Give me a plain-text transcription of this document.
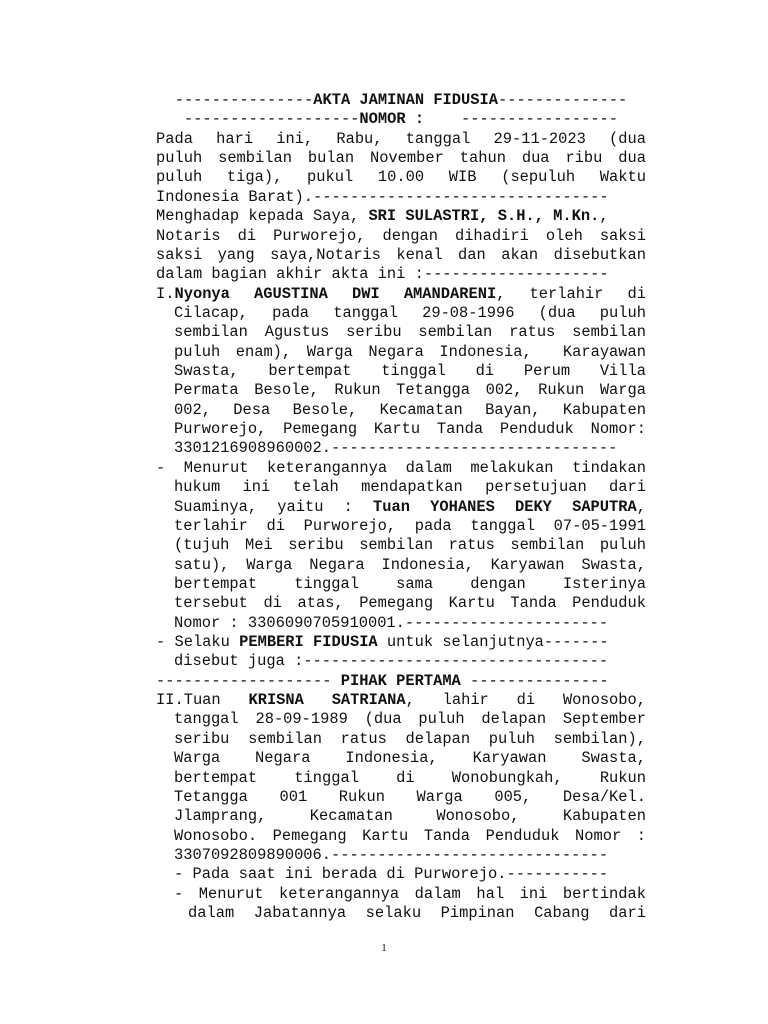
---------------AKTA JAMINAN FIDUSIA--------------
-------------------NOMOR :    -----------------
Pada hari ini, Rabu, tanggal 29-11-2023 (dua
puluh sembilan bulan November tahun dua ribu dua
puluh tiga), pukul 10.00 WIB (sepuluh Waktu
Indonesia Barat).--------------------------------
Menghadap kepada Saya, SRI SULASTRI, S.H., M.Kn.,
Notaris di Purworejo, dengan dihadiri oleh saksi
saksi yang saya,Notaris kenal dan akan disebutkan
dalam bagian akhir akta ini :--------------------
I.Nyonya AGUSTINA DWI AMANDARENI, terlahir di
Cilacap, pada tanggal 29-08-1996 (dua puluh
sembilan Agustus seribu sembilan ratus sembilan
puluh enam), Warga Negara Indonesia,  Karayawan
Swasta, bertempat tinggal di Perum Villa
Permata Besole, Rukun Tetangga 002, Rukun Warga
002, Desa Besole, Kecamatan Bayan, Kabupaten
Purworejo, Pemegang Kartu Tanda Penduduk Nomor:
3301216908960002.-------------------------------
- Menurut keterangannya dalam melakukan tindakan
hukum ini telah mendapatkan persetujuan dari
Suaminya, yaitu : Tuan YOHANES DEKY SAPUTRA,
terlahir di Purworejo, pada tanggal 07-05-1991
(tujuh Mei seribu sembilan ratus sembilan puluh
satu), Warga Negara Indonesia, Karyawan Swasta,
bertempat tinggal sama dengan Isterinya
tersebut di atas, Pemegang Kartu Tanda Penduduk
Nomor : 3306090705910001.----------------------
- Selaku PEMBERI FIDUSIA untuk selanjutnya-------
disebut juga :---------------------------------
------------------- PIHAK PERTAMA ---------------
II.Tuan KRISNA SATRIANA, lahir di Wonosobo,
tanggal 28-09-1989 (dua puluh delapan September
seribu sembilan ratus delapan puluh sembilan),
Warga Negara Indonesia, Karyawan Swasta,
bertempat tinggal di Wonobungkah, Rukun
Tetangga 001 Rukun Warga 005, Desa/Kel.
Jlamprang, Kecamatan Wonosobo, Kabupaten
Wonosobo. Pemegang Kartu Tanda Penduduk Nomor :
3307092809890006.------------------------------
- Pada saat ini berada di Purworejo.-----------
- Menurut keterangannya dalam hal ini bertindak
dalam Jabatannya selaku Pimpinan Cabang dari
1
